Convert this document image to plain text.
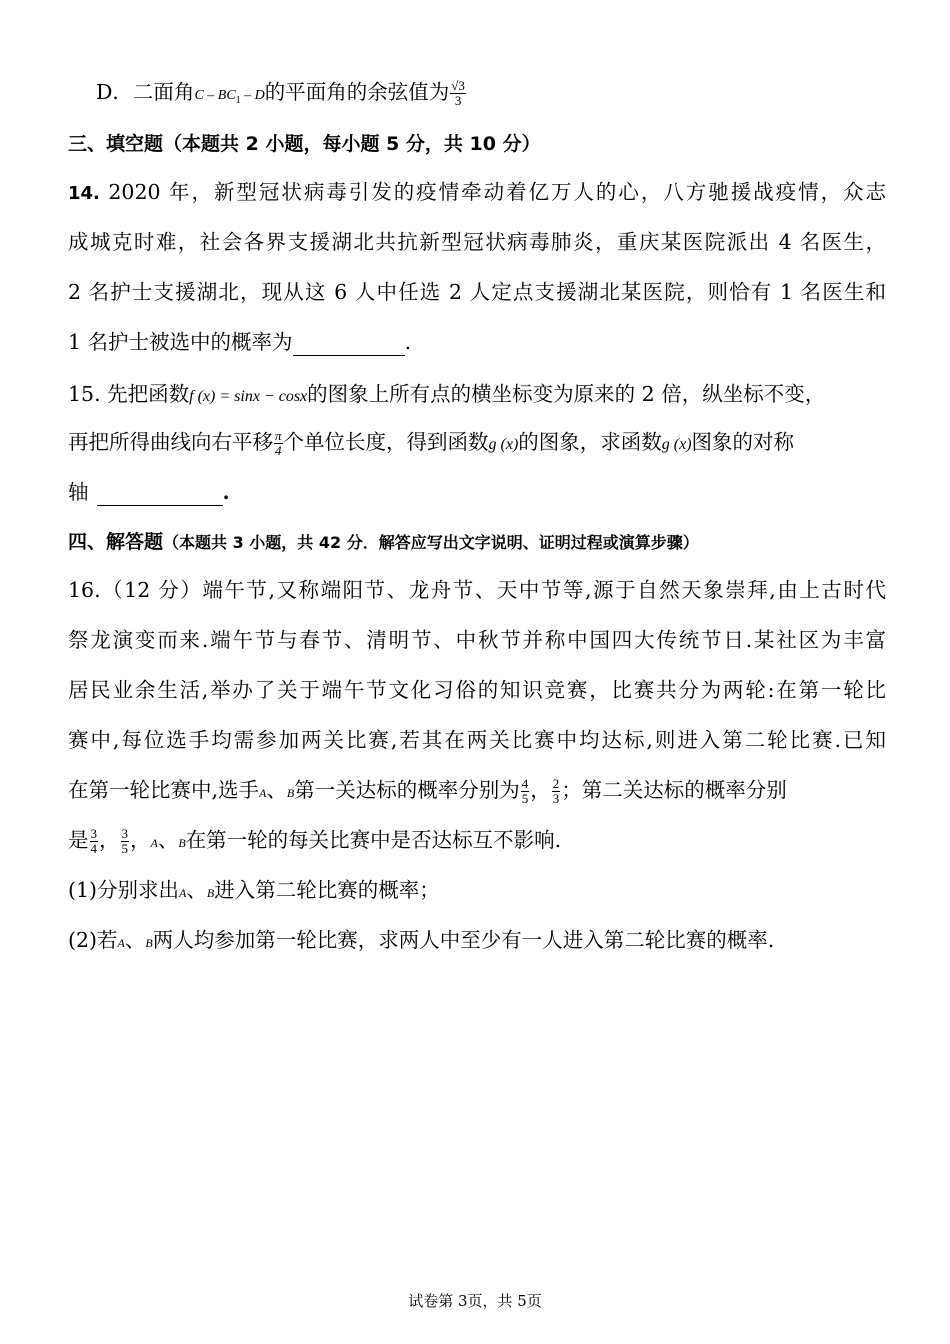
D．二面角C – $BC_1$ – D的平面角的余弦值为 $\frac{√3}{3}$
三、填空题（本题共 2 小题，每小题 5 分，共 10 分）
14. 2020 年，新型冠状病毒引发的疫情牵动着亿万人的心，八方驰援战疫情，众志
成城克时难，社会各界支援湖北共抗新型冠状病毒肺炎，重庆某医院派出 4 名医生，
2 名护士支援湖北，现从这 6 人中任选 2 人定点支援湖北某医院，则恰有 1 名医生和
1 名护士被选中的概率为	.
15. 先把函数f (x) = sinx − cosx的图象上所有点的横坐标变为原来的 2 倍，纵坐标不变，
再把所得曲线向右平移 $\frac{\pi}{4}$ 个单位长度，得到函数g (x)的图象，求函数g (x)图象的对称
轴	.
四、解答题（本题共 3 小题，共 42 分．解答应写出文字说明、证明过程或演算步骤）
16.（12 分）端午节,又称端阳节、龙舟节、天中节等,源于自然天象崇拜,由上古时代
祭龙演变而来.端午节与春节、清明节、中秋节并称中国四大传统节日.某社区为丰富
居民业余生活,举办了关于端午节文化习俗的知识竞赛，比赛共分为两轮:在第一轮比
赛中,每位选手均需参加两关比赛,若其在两关比赛中均达标,则进入第二轮比赛.已知
在第一轮比赛中,选手A、B第一关达标的概率分别为 $\frac{4}{5}$ ， $\frac{2}{3}$ ；第二关达标的概率分别
是 $\frac{3}{4}$ ， $\frac{3}{5}$ ，A、B在第一轮的每关比赛中是否达标互不影响.
(1)分别求出A、B进入第二轮比赛的概率；
(2)若A、B两人均参加第一轮比赛，求两人中至少有一人进入第二轮比赛的概率.
试卷第 3页，共 5页
